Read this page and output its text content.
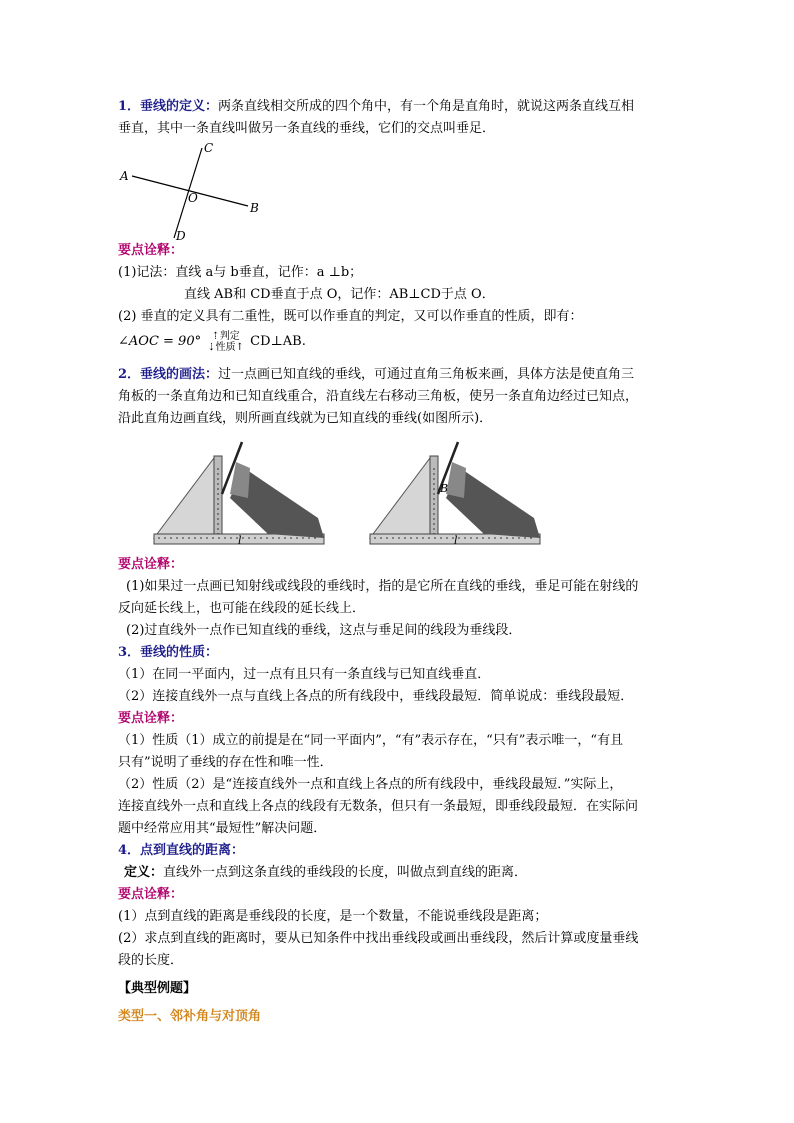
1．垂线的定义：两条直线相交所成的四个角中，有一个角是直角时，就说这两条直线互相
垂直，其中一条直线叫做另一条直线的垂线，它们的交点叫垂足．
A
B
C
D
O
要点诠释：
(1)记法：直线 a与 b垂直，记作：a ⊥b；
直线 AB和 CD垂直于点 O，记作：AB⊥CD于点 O．
(2) 垂直的定义具有二重性，既可以作垂直的判定，又可以作垂直的性质，即有：
∠AOC = 90° ⇡判定
⇣性质↑ CD⊥AB.
2．垂线的画法：过一点画已知直线的垂线，可通过直角三角板来画，具体方法是使直角三
角板的一条直角边和已知直线重合，沿直线左右移动三角板，使另一条直角边经过已知点，
沿此直角边画直线，则所画直线就为已知直线的垂线(如图所示)．
l
B
l
要点诠释：
(1)如果过一点画已知射线或线段的垂线时，指的是它所在直线的垂线，垂足可能在射线的
反向延长线上，也可能在线段的延长线上．
(2)过直线外一点作已知直线的垂线，这点与垂足间的线段为垂线段．
3．垂线的性质：
（1）在同一平面内，过一点有且只有一条直线与已知直线垂直．
（2）连接直线外一点与直线上各点的所有线段中，垂线段最短．简单说成：垂线段最短．
要点诠释：
（1）性质（1）成立的前提是在“同一平面内”，“有”表示存在，“只有”表示唯一，“有且
只有”说明了垂线的存在性和唯一性．
（2）性质（2）是“连接直线外一点和直线上各点的所有线段中，垂线段最短．”实际上，
连接直线外一点和直线上各点的线段有无数条，但只有一条最短，即垂线段最短．在实际问
题中经常应用其“最短性”解决问题．
4．点到直线的距离：
定义：直线外一点到这条直线的垂线段的长度，叫做点到直线的距离．
要点诠释：
(1）点到直线的距离是垂线段的长度，是一个数量，不能说垂线段是距离；
(2）求点到直线的距离时，要从已知条件中找出垂线段或画出垂线段，然后计算或度量垂线
段的长度．
【典型例题】
类型一、邻补角与对顶角
